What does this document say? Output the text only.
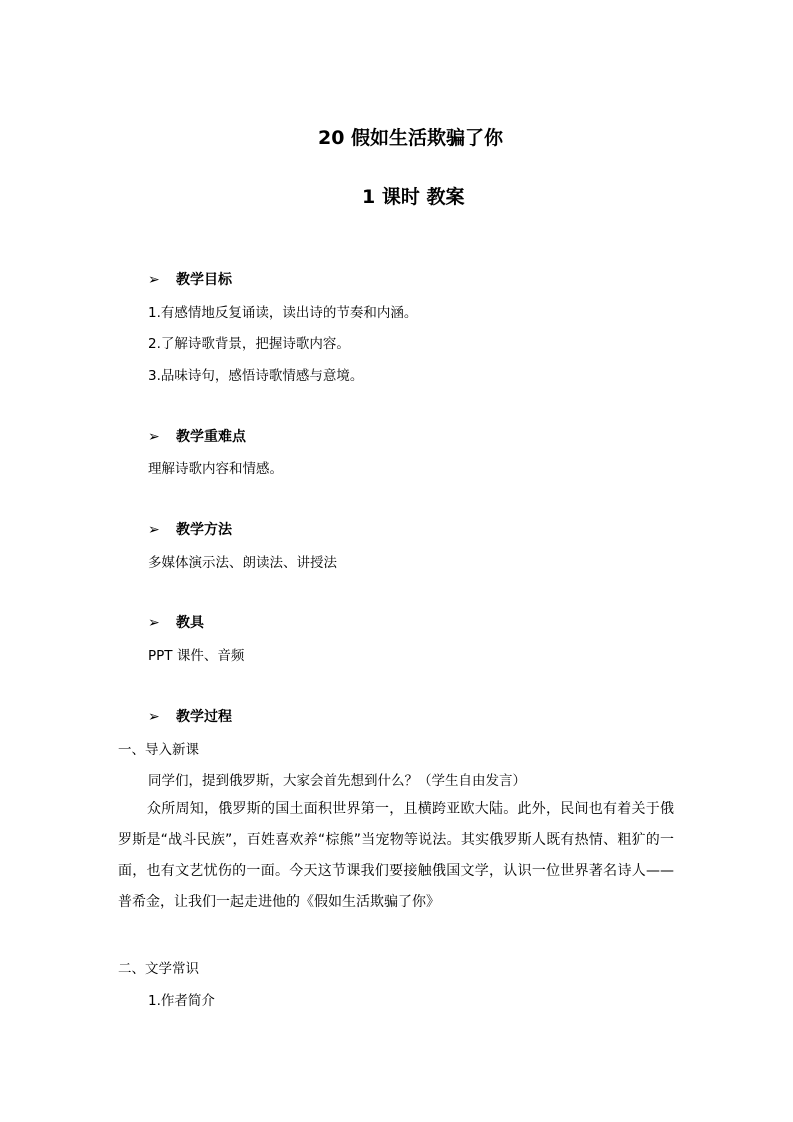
20 假如生活欺骗了你
1 课时 教案
➢ 教学目标
1.有感情地反复诵读，读出诗的节奏和内涵。
2.了解诗歌背景，把握诗歌内容。
3.品味诗句，感悟诗歌情感与意境。
➢ 教学重难点
理解诗歌内容和情感。
➢ 教学方法
多媒体演示法、朗读法、讲授法
➢ 教具
PPT 课件、音频
➢ 教学过程
一、导入新课
同学们，提到俄罗斯，大家会首先想到什么？（学生自由发言）
众所周知，俄罗斯的国土面积世界第一，且横跨亚欧大陆。此外，民间也有着关于俄罗斯是“战斗民族”，百姓喜欢养“棕熊”当宠物等说法。其实俄罗斯人既有热情、粗犷的一面，也有文艺忧伤的一面。今天这节课我们要接触俄国文学，认识一位世界著名诗人——普希金，让我们一起走进他的《假如生活欺骗了你》
二、文学常识
1.作者简介
